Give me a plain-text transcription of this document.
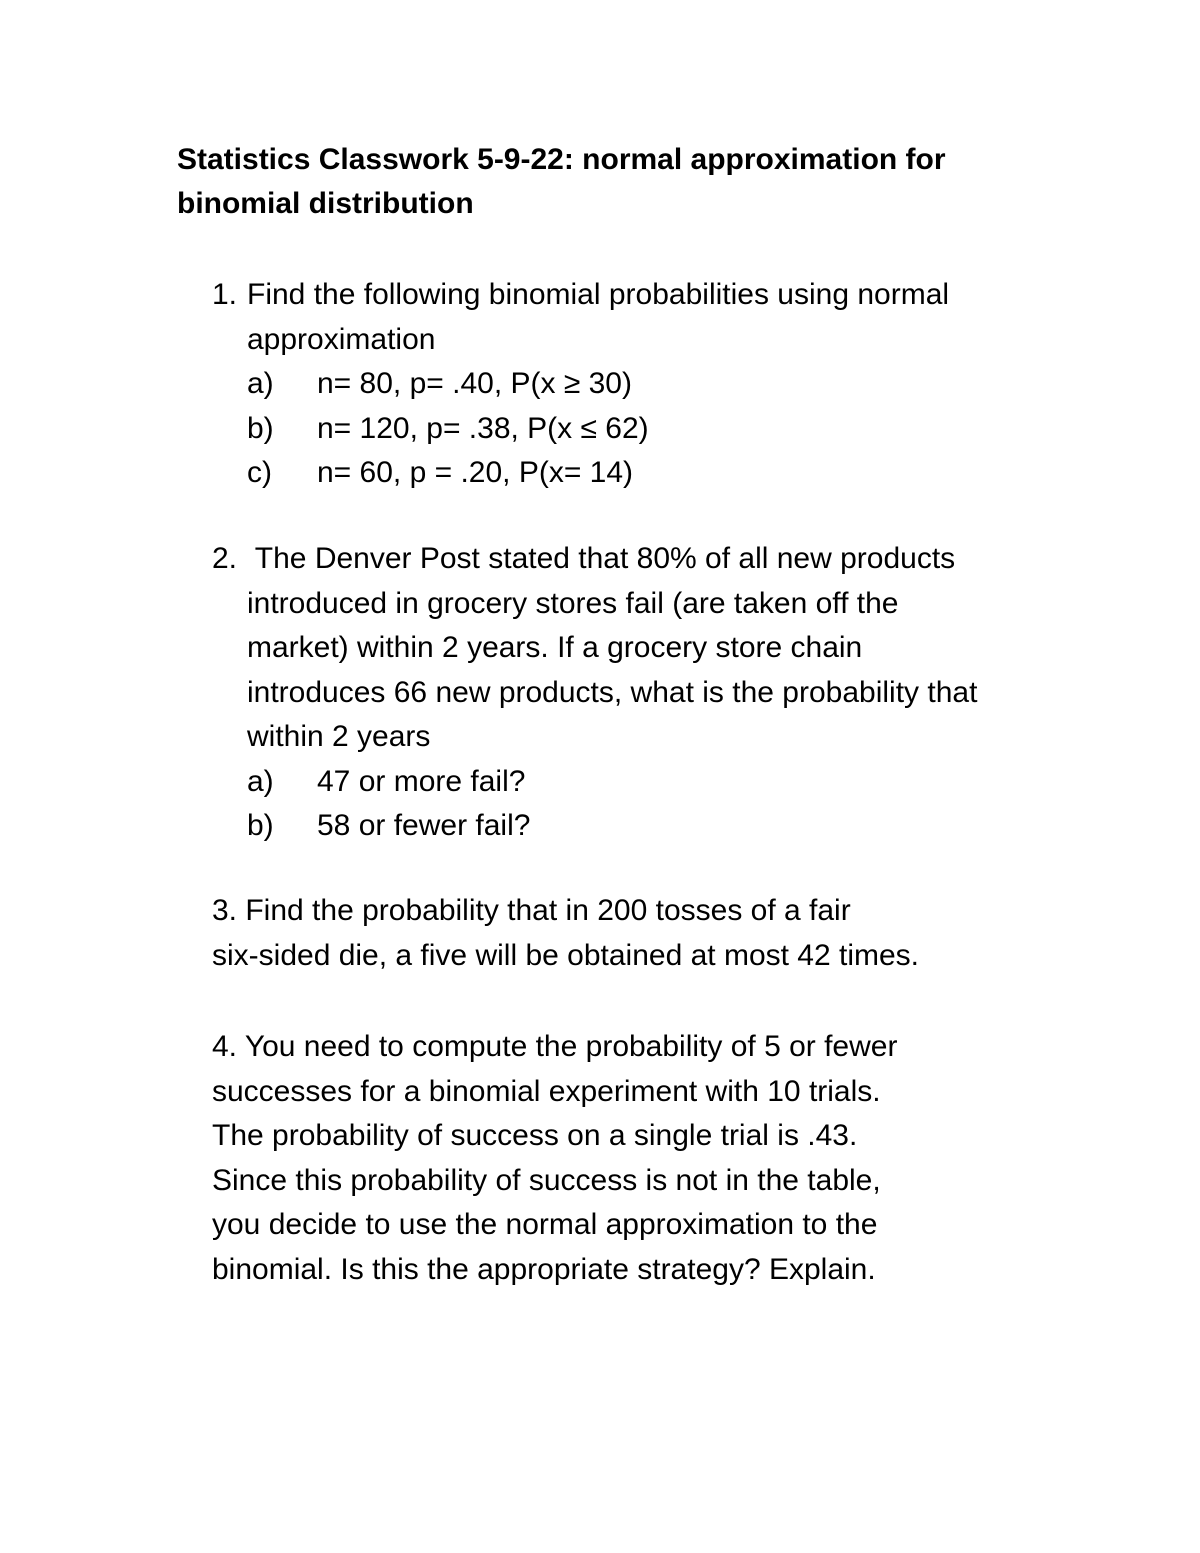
Statistics Classwork 5-9-22: normal approximation for
binomial distribution
1. Find the following binomial probabilities using normal
approximation
a) n= 80, p= .40, P(x ≥ 30)
b) n= 120, p= .38, P(x ≤ 62)
c) n= 60, p = .20, P(x= 14)
2. The Denver Post stated that 80% of all new products
introduced in grocery stores fail (are taken off the
market) within 2 years. If a grocery store chain
introduces 66 new products, what is the probability that
within 2 years
a) 47 or more fail?
b) 58 or fewer fail?
3. Find the probability that in 200 tosses of a fair
six-sided die, a five will be obtained at most 42 times.
4. You need to compute the probability of 5 or fewer
successes for a binomial experiment with 10 trials.
The probability of success on a single trial is .43.
Since this probability of success is not in the table,
you decide to use the normal approximation to the
binomial. Is this the appropriate strategy? Explain.
